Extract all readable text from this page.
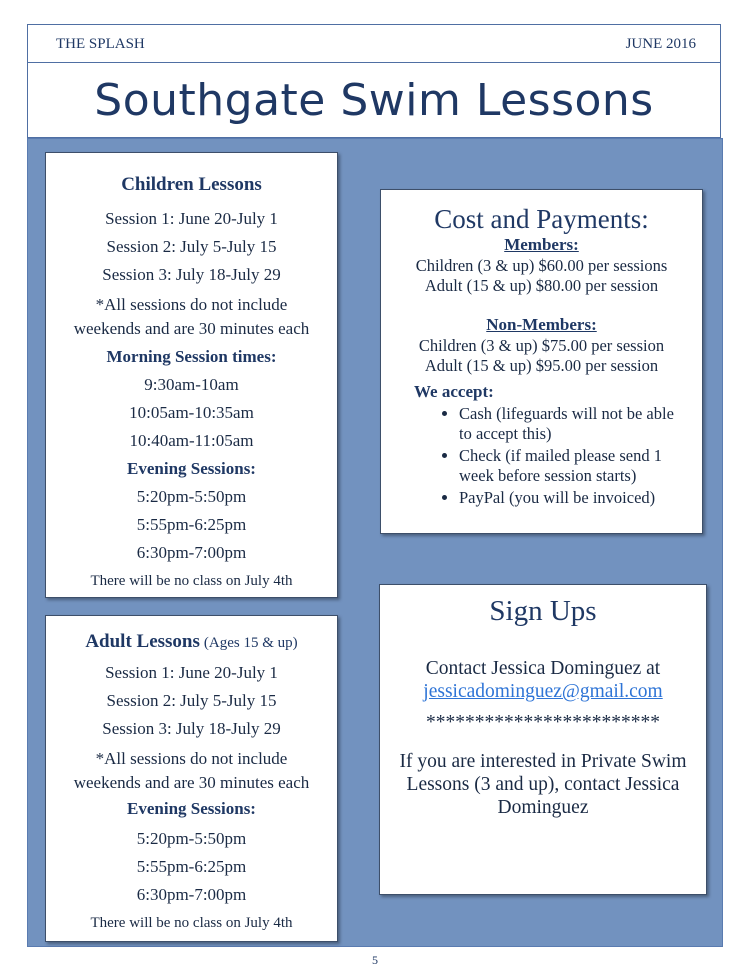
THE SPLASH	JUNE 2016
Southgate Swim Lessons
Children Lessons
Session 1: June 20-July 1
Session 2: July 5-July 15
Session 3: July 18-July 29
*All sessions do not include
weekends and are 30 minutes each
Morning Session times:
9:30am-10am
10:05am-10:35am
10:40am-11:05am
Evening Sessions:
5:20pm-5:50pm
5:55pm-6:25pm
6:30pm-7:00pm
There will be no class on July 4th
Adult Lessons (Ages 15 & up)
Session 1: June 20-July 1
Session 2: July 5-July 15
Session 3: July 18-July 29
*All sessions do not include
weekends and are 30 minutes each
Evening Sessions:
5:20pm-5:50pm
5:55pm-6:25pm
6:30pm-7:00pm
There will be no class on July 4th
Cost and Payments:
Members:
Children (3 & up) $60.00 per sessions
Adult (15 & up) $80.00 per session
Non-Members:
Children (3 & up) $75.00 per session
Adult (15 & up) $95.00 per session
We accept:
• Cash (lifeguards will not be able to accept this)
• Check (if mailed please send 1 week before session starts)
• PayPal (you will be invoiced)
Sign Ups
Contact Jessica Dominguez at
jessicadominguez@gmail.com
************************
If you are interested in Private Swim Lessons (3 and up), contact Jessica Dominguez
5
